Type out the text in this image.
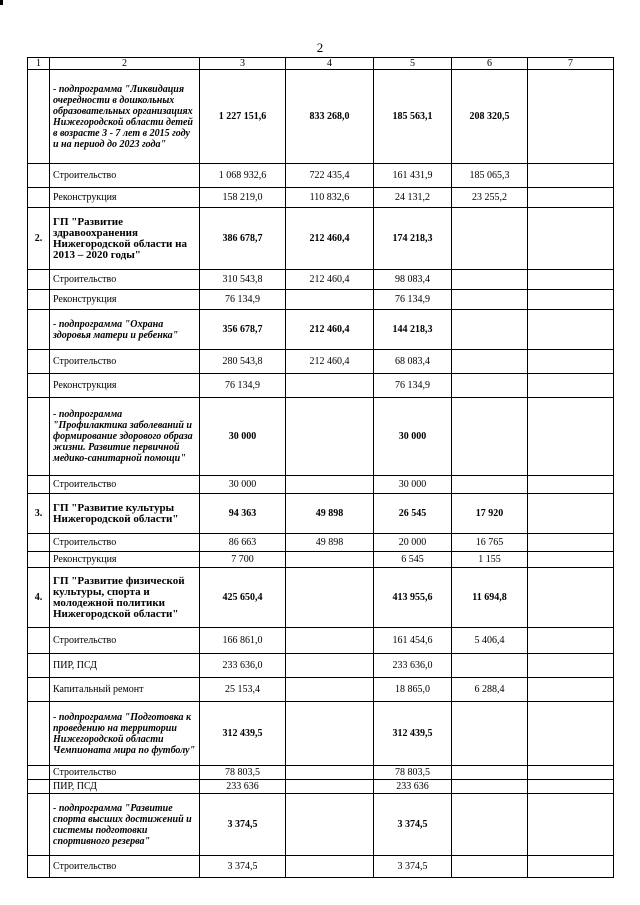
2
1	2	3	4	5	6	7
	- подпрограмма "Ликвидация очередности в дошкольных образовательных организациях Нижегородской области детей в возрасте 3 - 7 лет в 2015 году и на период до 2023 года"	1 227 151,6	833 268,0	185 563,1	208 320,5	
	Строительство	1 068 932,6	722 435,4	161 431,9	185 065,3	
	Реконструкция	158 219,0	110 832,6	24 131,2	23 255,2	
2.	ГП "Развитие здравоохранения Нижегородской области на 2013 – 2020 годы"	386 678,7	212 460,4	174 218,3		
	Строительство	310 543,8	212 460,4	98 083,4		
	Реконструкция	76 134,9		76 134,9		
	- подпрограмма "Охрана здоровья матери и ребенка"	356 678,7	212 460,4	144 218,3		
	Строительство	280 543,8	212 460,4	68 083,4		
	Реконструкция	76 134,9		76 134,9		
	- подпрограмма "Профилактика заболеваний и формирование здорового образа жизни. Развитие первичной медико-санитарной помощи"	30 000		30 000		
	Строительство	30 000		30 000		
3.	ГП "Развитие культуры Нижегородской области"	94 363	49 898	26 545	17 920	
	Строительство	86 663	49 898	20 000	16 765	
	Реконструкция	7 700		6 545	1 155	
4.	ГП "Развитие физической культуры, спорта и молодежной политики Нижегородской области"	425 650,4		413 955,6	11 694,8	
	Строительство	166 861,0		161 454,6	5 406,4	
	ПИР, ПСД	233 636,0		233 636,0		
	Капитальный ремонт	25 153,4		18 865,0	6 288,4	
	- подпрограмма "Подготовка к проведению на территории Нижегородской области Чемпионата мира по футболу"	312 439,5		312 439,5		
	Строительство	78 803,5		78 803,5		
	ПИР, ПСД	233 636		233 636		
	- подпрограмма "Развитие спорта высших достижений и системы подготовки спортивного резерва"	3 374,5		3 374,5		
	Строительство	3 374,5		3 374,5		
